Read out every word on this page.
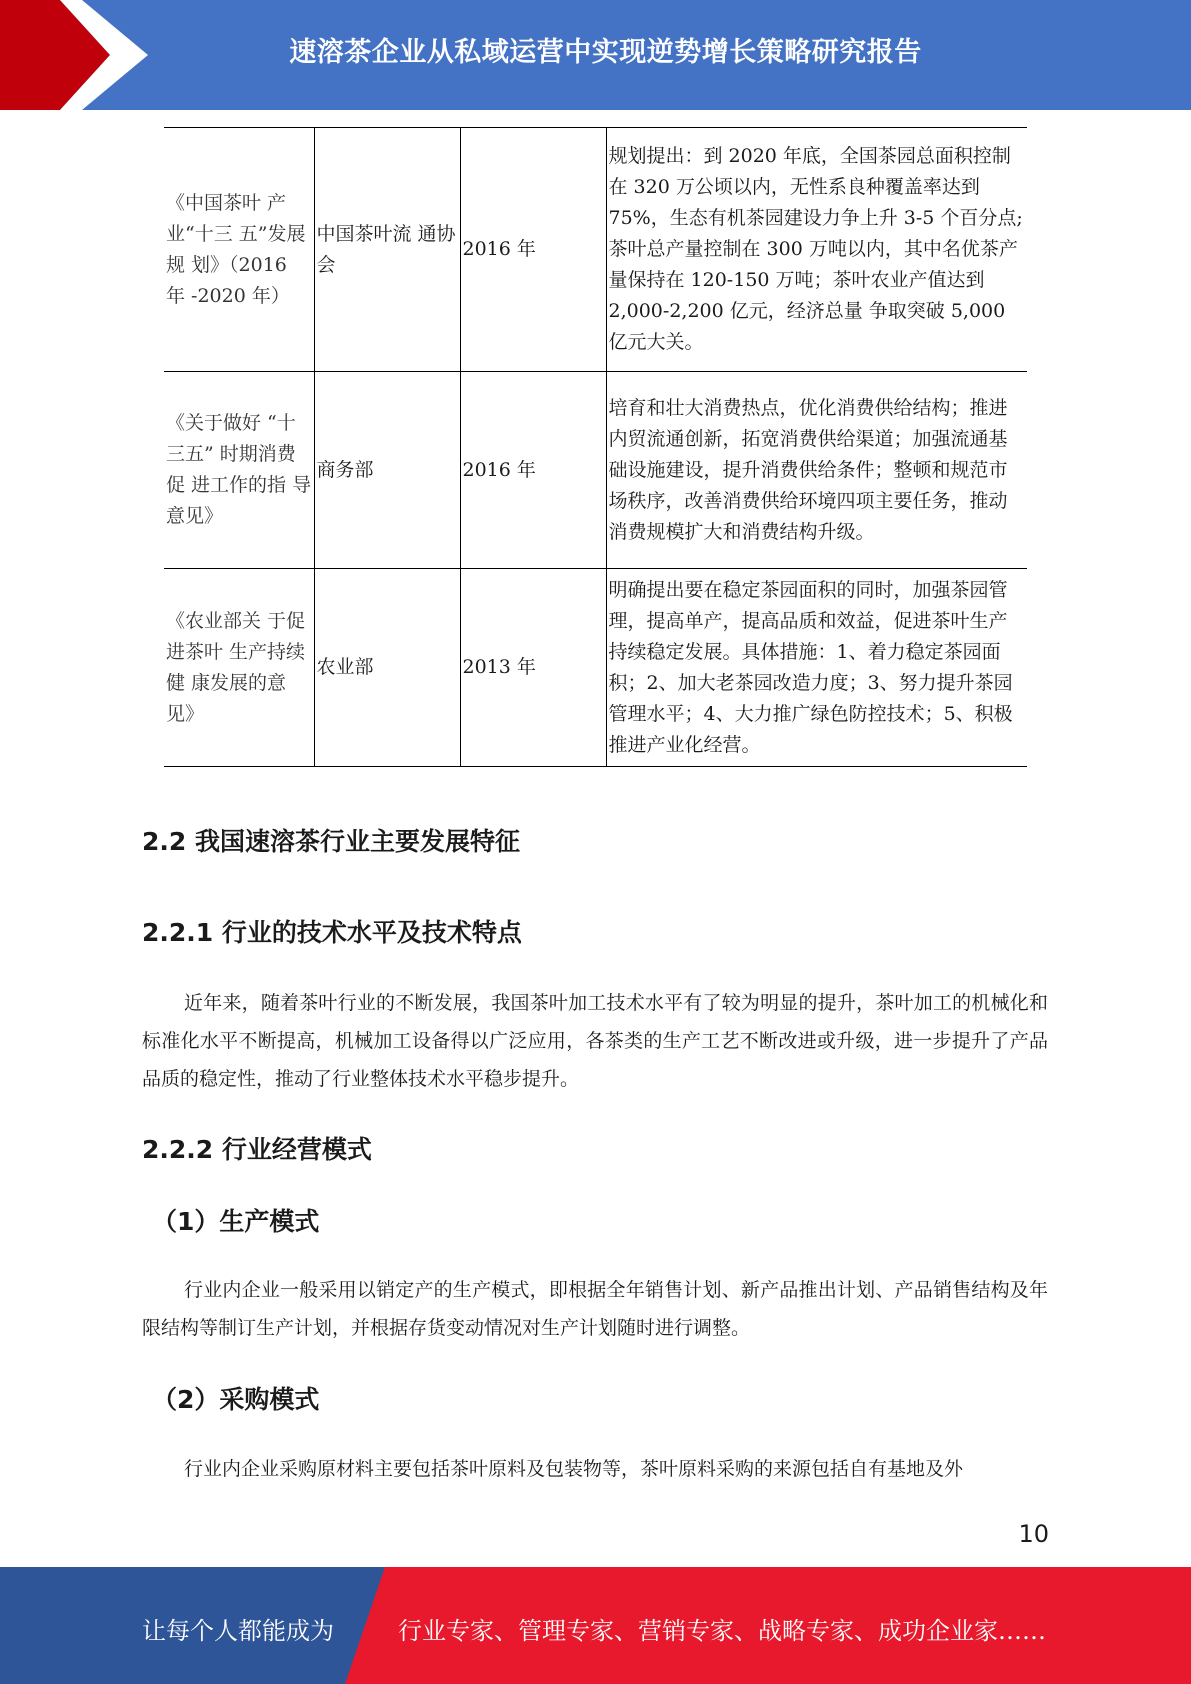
速溶茶企业从私域运营中实现逆势增长策略研究报告
《中国茶叶 产业“十三 五”发展规 划》（2016 年 -2020 年）	中国茶叶流 通协会	2016 年	规划提出：到 2020 年底，全国茶园总面积控制在 320 万公顷以内，无性系良种覆盖率达到 75%，生态有机茶园建设力争上升 3-5 个百分点;茶叶总产量控制在 300 万吨以内，其中名优茶产量保持在 120-150 万吨；茶叶农业产值达到 2,000-2,200 亿元，经济总量 争取突破 5,000 亿元大关。
《关于做好 “十三五” 时期消费促 进工作的指 导意见》	商务部	2016 年	培育和壮大消费热点，优化消费供给结构；推进内贸流通创新，拓宽消费供给渠道；加强流通基础设施建设，提升消费供给条件；整顿和规范市场秩序，改善消费供给环境四项主要任务，推动消费规模扩大和消费结构升级。
《农业部关 于促进茶叶 生产持续健 康发展的意 见》	农业部	2013 年	明确提出要在稳定茶园面积的同时，加强茶园管理，提高单产，提高品质和效益，促进茶叶生产持续稳定发展。具体措施：1、着力稳定茶园面积；2、加大老茶园改造力度；3、努力提升茶园管理水平；4、大力推广绿色防控技术；5、积极推进产业化经营。
2.2 我国速溶茶行业主要发展特征
2.2.1 行业的技术水平及技术特点
近年来，随着茶叶行业的不断发展，我国茶叶加工技术水平有了较为明显的提升，茶叶加工的机械化和标准化水平不断提高，机械加工设备得以广泛应用，各茶类的生产工艺不断改进或升级，进一步提升了产品品质的稳定性，推动了行业整体技术水平稳步提升。
2.2.2 行业经营模式
（1）生产模式
行业内企业一般采用以销定产的生产模式，即根据全年销售计划、新产品推出计划、产品销售结构及年限结构等制订生产计划，并根据存货变动情况对生产计划随时进行调整。
（2）采购模式
行业内企业采购原材料主要包括茶叶原料及包装物等，茶叶原料采购的来源包括自有基地及外
10
让每个人都能成为	行业专家、管理专家、营销专家、战略专家、成功企业家……
